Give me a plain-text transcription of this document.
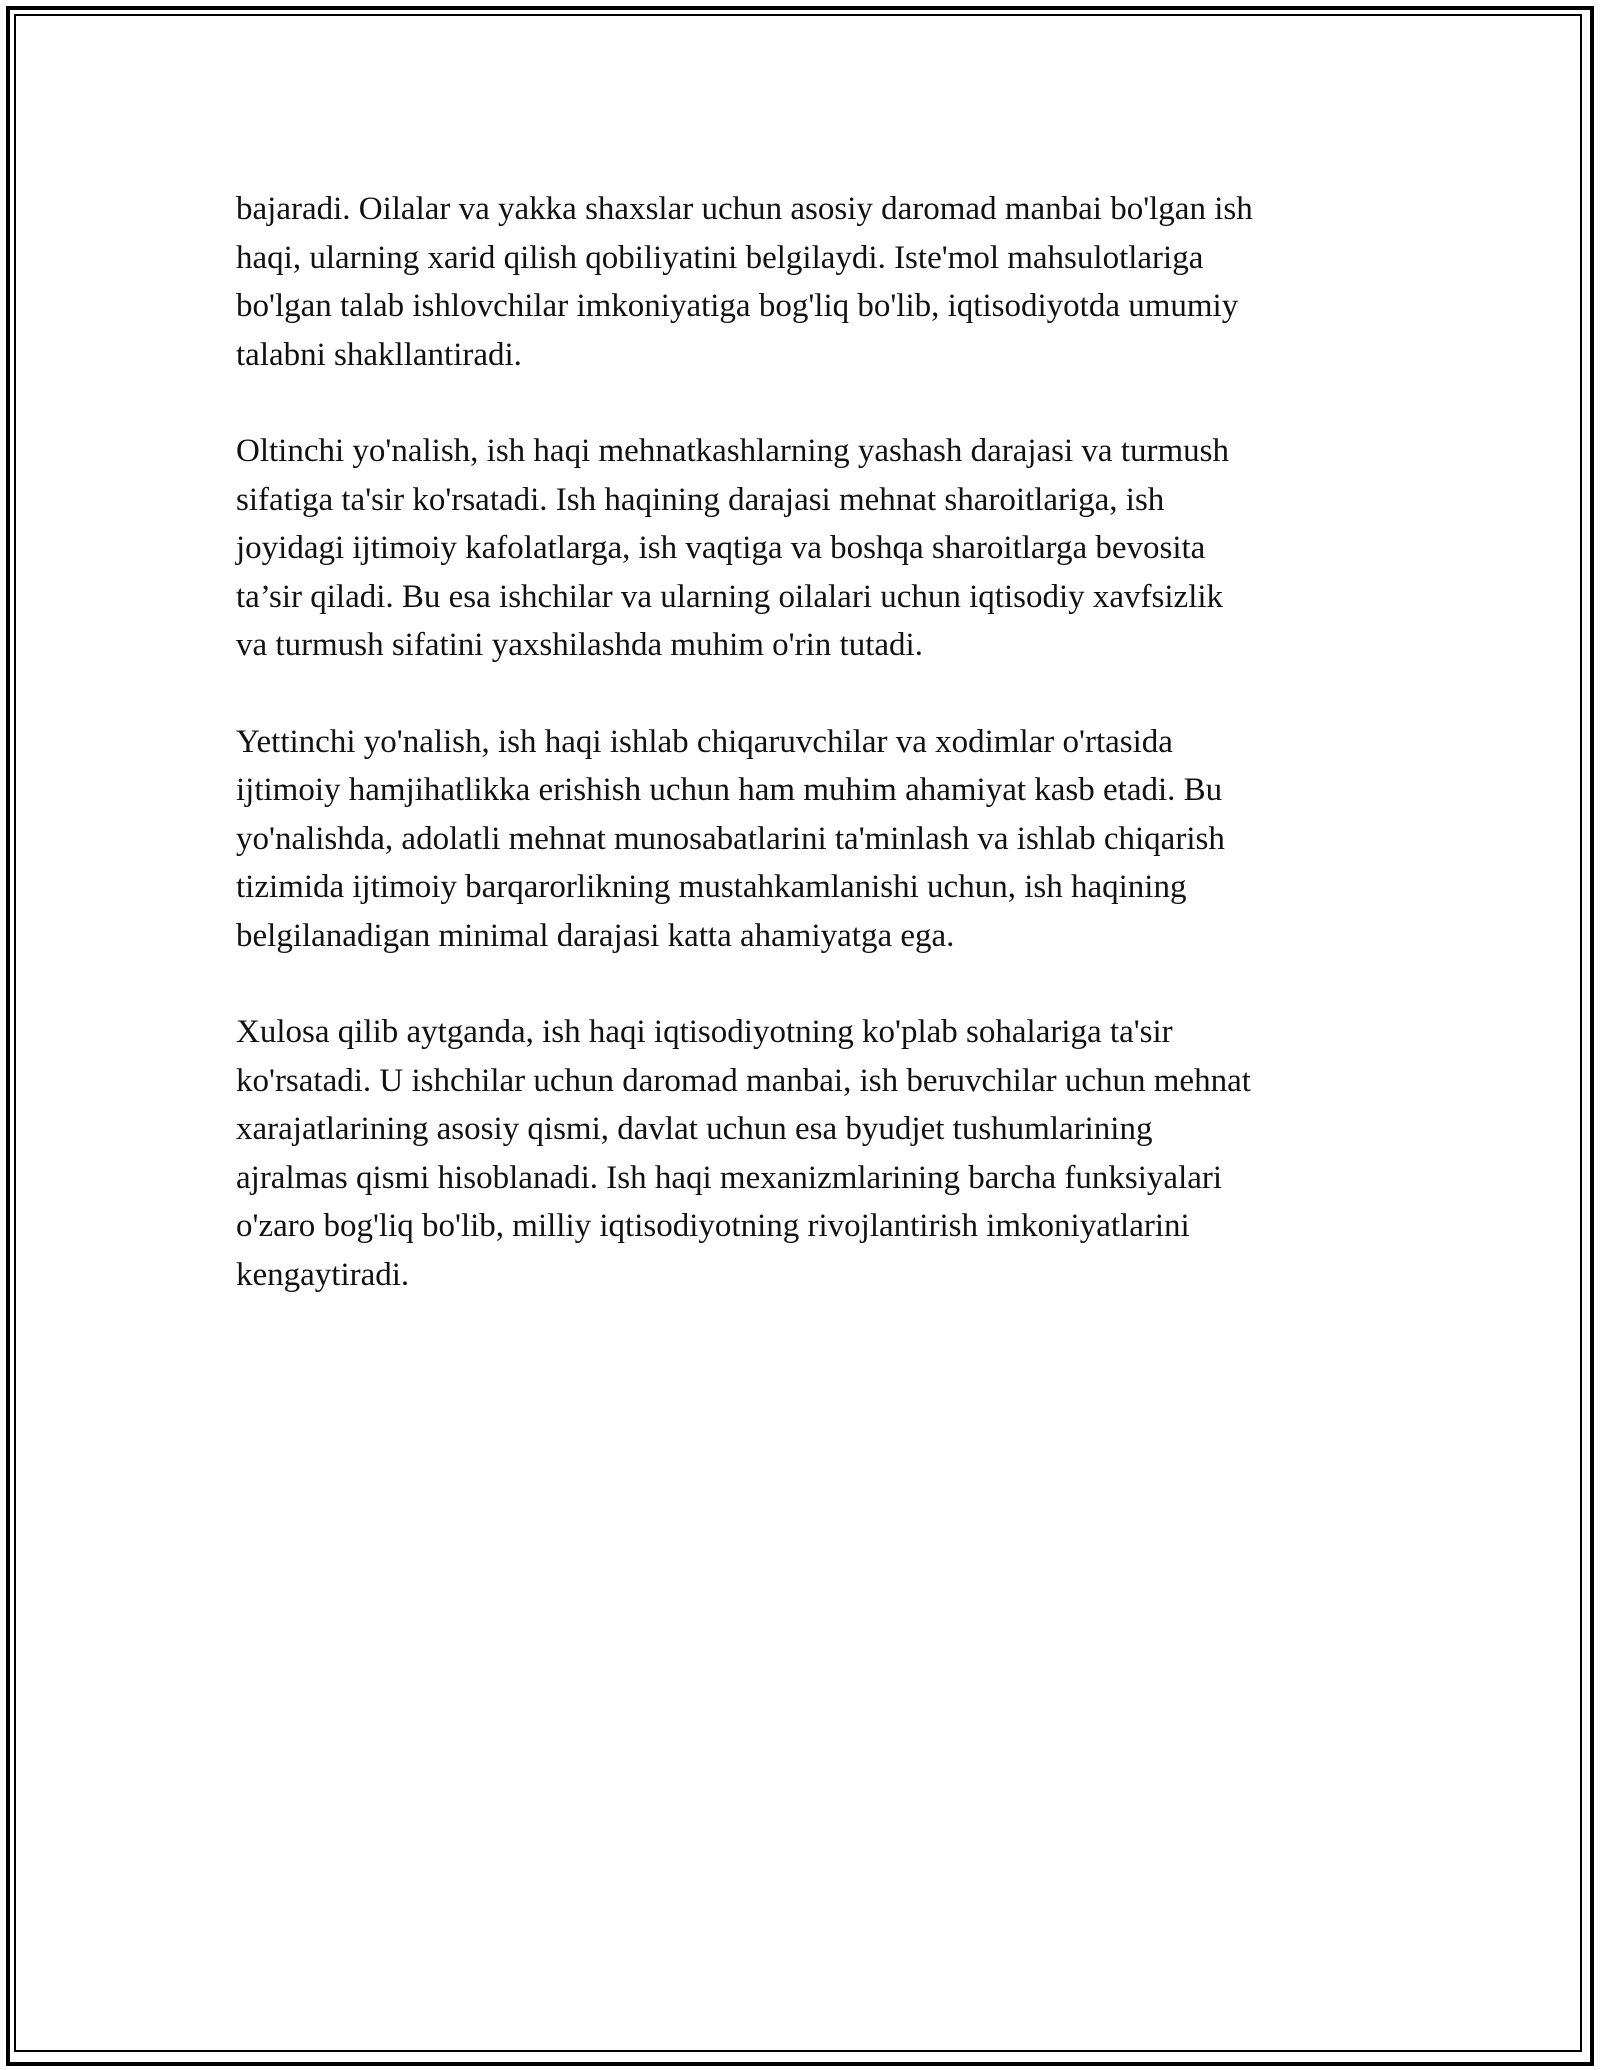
bajaradi. Oilalar va yakka shaxslar uchun asosiy daromad manbai bo'lgan ish
haqi, ularning xarid qilish qobiliyatini belgilaydi. Iste'mol mahsulotlariga
bo'lgan talab ishlovchilar imkoniyatiga bog'liq bo'lib, iqtisodiyotda umumiy
talabni shakllantiradi.

Oltinchi yo'nalish, ish haqi mehnatkashlarning yashash darajasi va turmush
sifatiga ta'sir ko'rsatadi. Ish haqining darajasi mehnat sharoitlariga, ish
joyidagi ijtimoiy kafolatlarga, ish vaqtiga va boshqa sharoitlarga bevosita
ta’sir qiladi. Bu esa ishchilar va ularning oilalari uchun iqtisodiy xavfsizlik
va turmush sifatini yaxshilashda muhim o'rin tutadi.

Yettinchi yo'nalish, ish haqi ishlab chiqaruvchilar va xodimlar o'rtasida
ijtimoiy hamjihatlikka erishish uchun ham muhim ahamiyat kasb etadi. Bu
yo'nalishda, adolatli mehnat munosabatlarini ta'minlash va ishlab chiqarish
tizimida ijtimoiy barqarorlikning mustahkamlanishi uchun, ish haqining
belgilanadigan minimal darajasi katta ahamiyatga ega.

Xulosa qilib aytganda, ish haqi iqtisodiyotning ko'plab sohalariga ta'sir
ko'rsatadi. U ishchilar uchun daromad manbai, ish beruvchilar uchun mehnat
xarajatlarining asosiy qismi, davlat uchun esa byudjet tushumlarining
ajralmas qismi hisoblanadi. Ish haqi mexanizmlarining barcha funksiyalari
o'zaro bog'liq bo'lib, milliy iqtisodiyotning rivojlantirish imkoniyatlarini
kengaytiradi.
